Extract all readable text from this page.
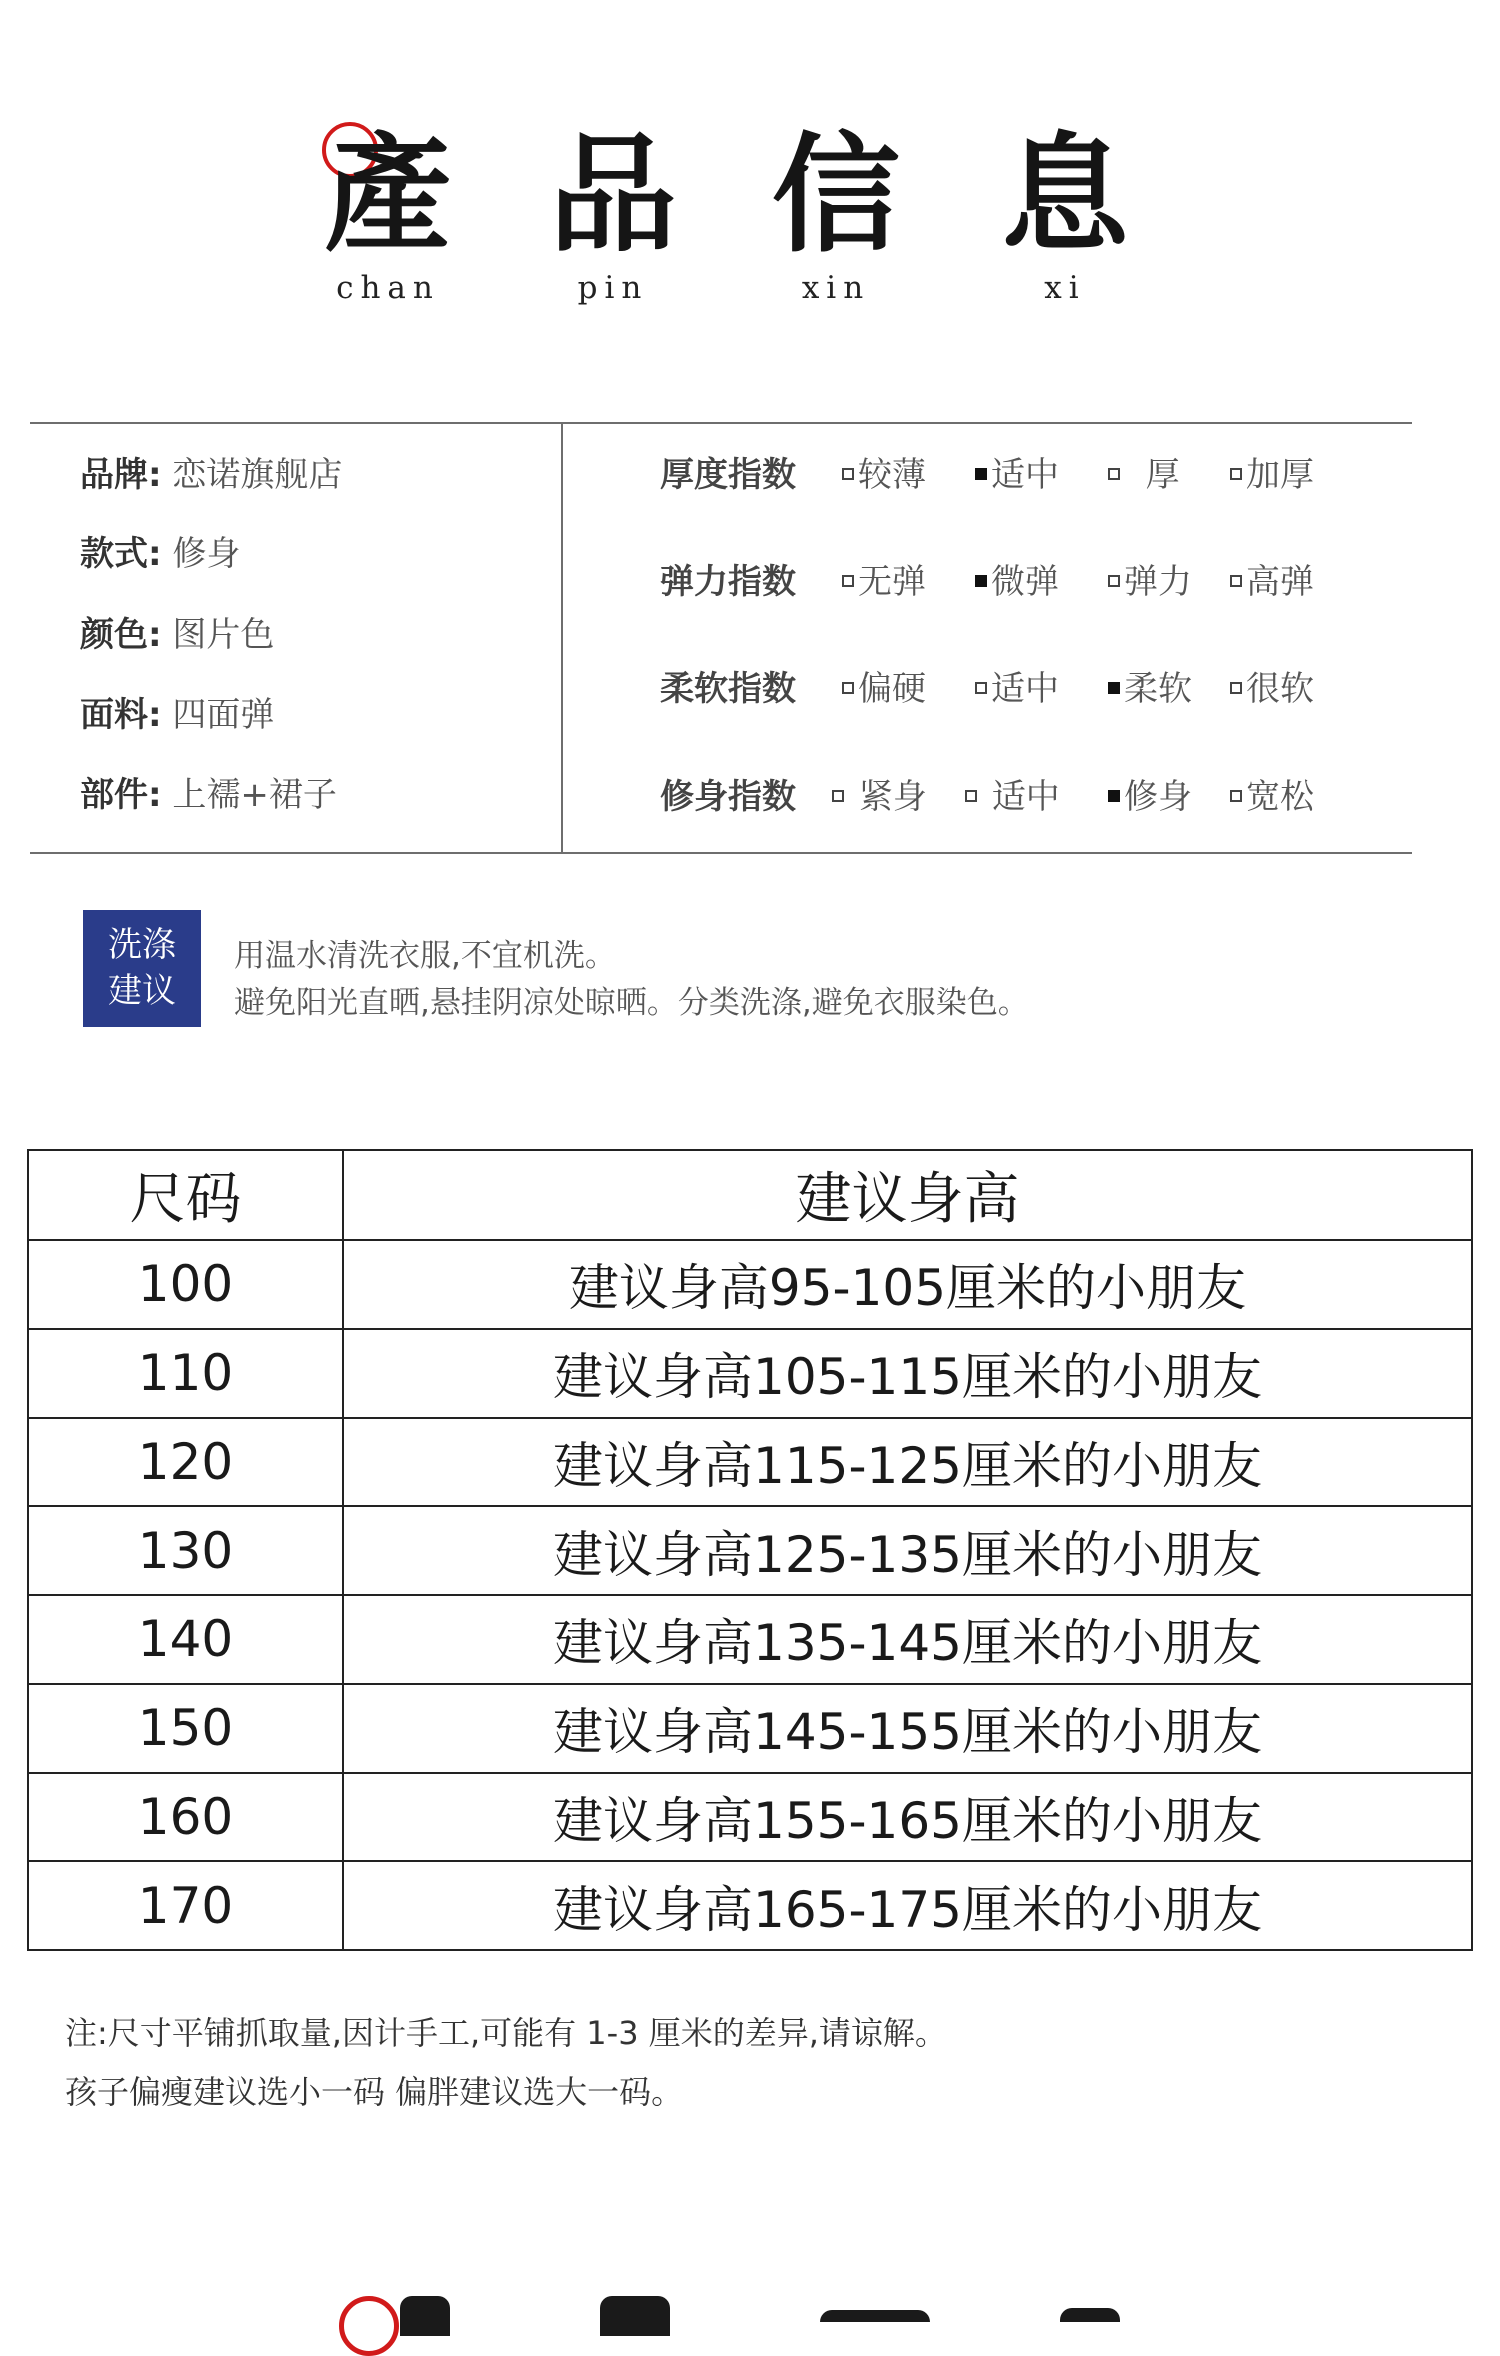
產 品 信 息
chan	pin	xin	xi
品牌: 恋诺旗舰店
款式: 修身
颜色: 图片色
面料: 四面弹
部件: 上襦+裙子
厚度指数	较薄	适中	厚	加厚
弹力指数	无弹	微弹	弹力	高弹
柔软指数	偏硬	适中	柔软	很软
修身指数	紧身	适中	修身	宽松
洗涤
建议
用温水清洗衣服,不宜机洗。
避免阳光直晒,悬挂阴凉处晾晒。分类洗涤,避免衣服染色。
尺码	建议身高
100	建议身高95-105厘米的小朋友
110	建议身高105-115厘米的小朋友
120	建议身高115-125厘米的小朋友
130	建议身高125-135厘米的小朋友
140	建议身高135-145厘米的小朋友
150	建议身高145-155厘米的小朋友
160	建议身高155-165厘米的小朋友
170	建议身高165-175厘米的小朋友
注:尺寸平铺抓取量,因计手工,可能有 1-3 厘米的差异,请谅解。
孩子偏瘦建议选小一码 偏胖建议选大一码。
